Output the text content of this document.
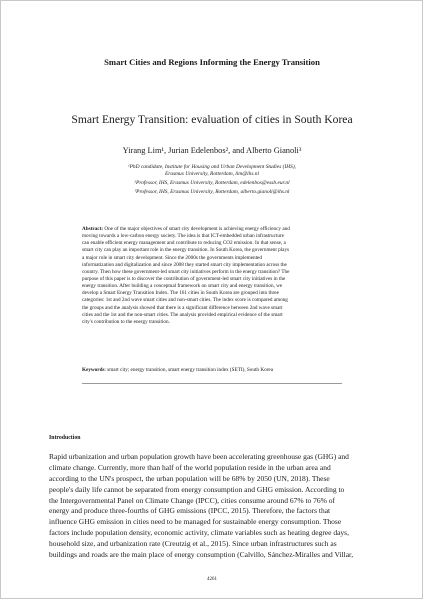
Smart Cities and Regions Informing the Energy Transition
Smart Energy Transition: evaluation of cities in South Korea
Yirang Lim¹, Jurian Edelenbos², and Alberto Gianoli³
¹PhD candidate, Institute for Housing and Urban Development Studies (IHS),
Erasmus University, Rotterdam, lim@ihs.nl
²Professor, IHS, Erasmus University, Rotterdam, edelenbos@essb.eur.nl
³Professor, IHS, Erasmus University, Rotterdam, alberto.gianoli@ihs.nl
Abstract: One of the major objectives of smart city development is achieving energy efficiency and
moving towards a low-carbon energy society. The idea is that ICT-embedded urban infrastructure
can enable efficient energy management and contribute to reducing CO2 emission. In that sense, a
smart city can play an important role in the energy transition. In South Korea, the government plays
a major role in smart city development. Since the 2000s the governments implemented
informatization and digitalization and since 2008 they started smart city implementation across the
country. Then how these government-led smart city initiatives perform in the energy transition? The
purpose of this paper is to discover the contribution of government-led smart city initiatives in the
energy transition. After building a conceptual framework on smart city and energy transition, we
develop a Smart Energy Transition Index. The 161 cities in South Korea are grouped into three
categories: 1st and 2nd wave smart cities and non-smart cities. The index score is compared among
the groups and the analysis showed that there is a significant difference between 2nd wave smart
cities and the 1st and the non-smart cities. The analysis provided empirical evidence of the smart
city's contribution to the energy transition.
Keywords: smart city; energy transition, smart energy transition index (SETI), South Korea
Introduction
Rapid urbanization and urban population growth have been accelerating greenhouse gas (GHG) and
climate change. Currently, more than half of the world population reside in the urban area and
according to the UN's prospect, the urban population will be 68% by 2050 (UN, 2018). These
people's daily life cannot be separated from energy consumption and GHG emission. According to
the Intergovernmental Panel on Climate Change (IPCC), cities consume around 67% to 76% of
energy and produce three-fourths of GHG emissions (IPCC, 2015). Therefore, the factors that
influence GHG emission in cities need to be managed for sustainable energy consumption. Those
factors include population density, economic activity, climate variables such as heating degree days,
household size, and urbanization rate (Creutzig et al., 2015). Since urban infrastructures such as
buildings and roads are the main place of energy consumption (Calvillo, Sánchez-Miralles and Villar,
4261
